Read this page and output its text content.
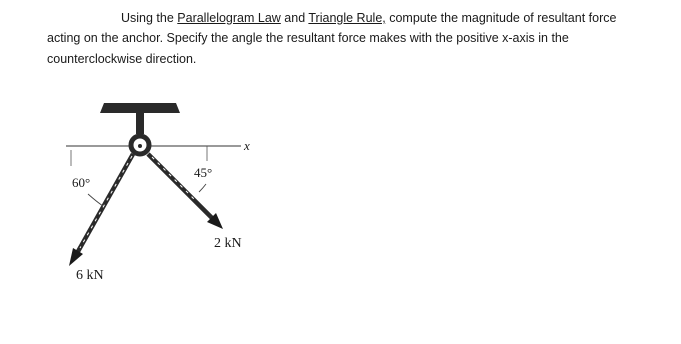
Using the Parallelogram Law and Triangle Rule, compute the magnitude of resultant force
acting on the anchor. Specify the angle the resultant force makes with the positive x-axis in the
counterclockwise direction.
x
60°
45°
2 kN
6 kN
